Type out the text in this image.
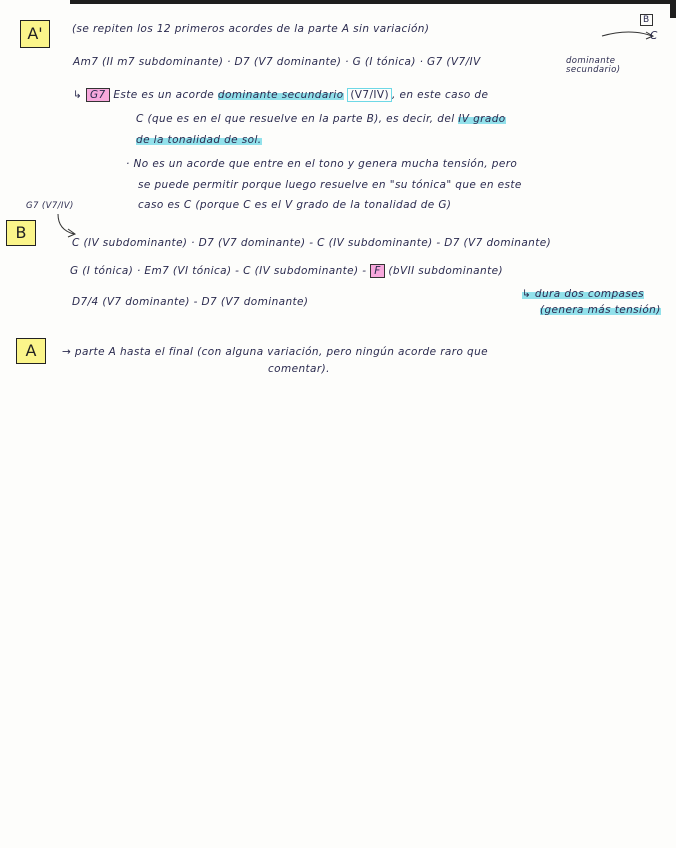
A'	(se repiten los 12 primeros acordes de la parte A sin variación)
B
C
Am7 (II m7 subdominante) · D7 (V7 dominante) · G (I tónica) · G7 (V7/IV	dominante secundario)
↳ G7 Este es un acorde dominante secundario (V7/IV) , en este caso de
C (que es en el que resuelve en la parte B), es decir, del IV grado
de la tonalidad de sol.
· No es un acorde que entre en el tono y genera mucha tensión, pero
se puede permitir porque luego resuelve en "su tónica" que en este
caso es C (porque C es el V grado de la tonalidad de G)
G7 (V7/IV)
B
C (IV subdominante) · D7 (V7 dominante) - C (IV subdominante) - D7 (V7 dominante)
G (I tónica) · Em7 (VI tónica) - C (IV subdominante) - F (bVII subdominante)
D7/4 (V7 dominante) - D7 (V7 dominante)
↳ dura dos compases
(genera más tensión)
A	→ parte A hasta el final (con alguna variación, pero ningún acorde raro que
comentar).
